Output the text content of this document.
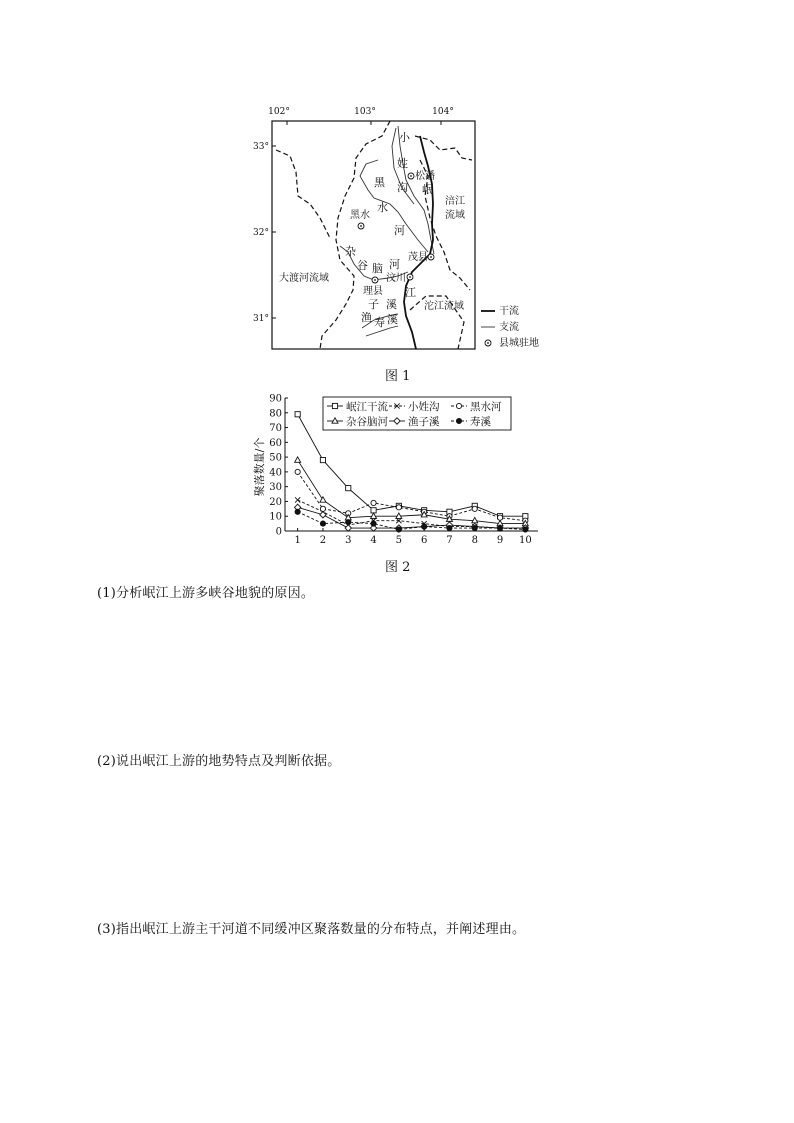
102°	103°	104°
33°
32°
31°
小
姓
沟
黑
水
河
杂
谷 脑 河
岷
江
渔
子 溪
寿 溪
松潘
黑水
茂县
理县
汶川
涪江
流域
大渡河流域
沱江流域	干流
支流
县城驻地
图 1
聚落数量/个
0
10
20
30
40
50
60
70
80
90
1 2 3 4 5 6 7 8 9 10
岷江干流 小姓沟	黑水河
杂谷脑河 渔子溪	寿溪
图 2
(1)分析岷江上游多峡谷地貌的原因。
(2)说出岷江上游的地势特点及判断依据。
(3)指出岷江上游主干河道不同缓冲区聚落数量的分布特点，并阐述理由。
